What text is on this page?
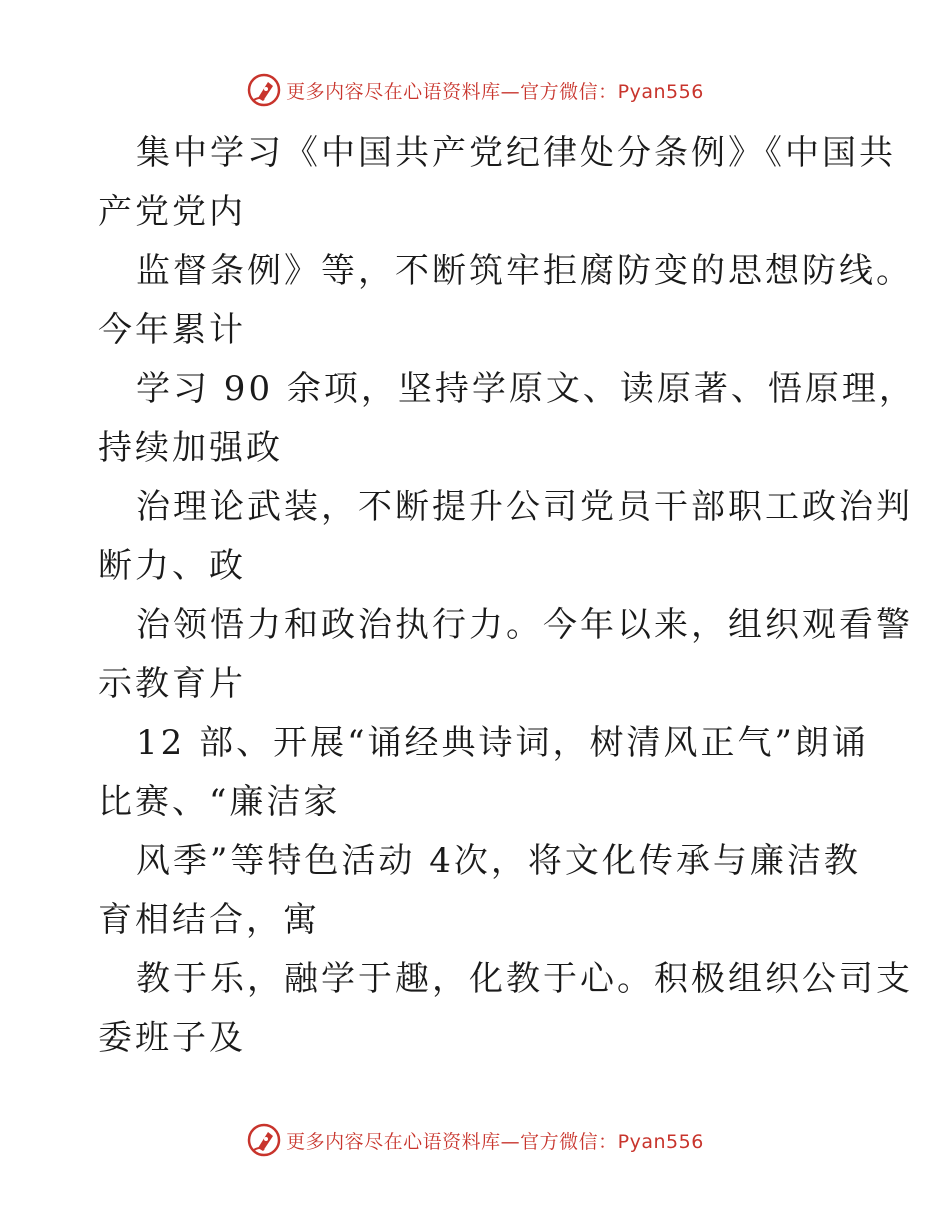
更多内容尽在心语资料库—官方微信：Pyan556
集中学习《中国共产党纪律处分条例》《中国共
产党党内
监督条例》等，不断筑牢拒腐防变的思想防线。
今年累计
学习 90 余项，坚持学原文、读原著、悟原理，
持续加强政
治理论武装，不断提升公司党员干部职工政治判
断力、政
治领悟力和政治执行力。今年以来，组织观看警
示教育片
12 部、开展“诵经典诗词，树清风正气”朗诵
比赛、“廉洁家
风季”等特色活动 4次，将文化传承与廉洁教
育相结合，寓
教于乐，融学于趣，化教于心。积极组织公司支
委班子及
更多内容尽在心语资料库—官方微信：Pyan556
